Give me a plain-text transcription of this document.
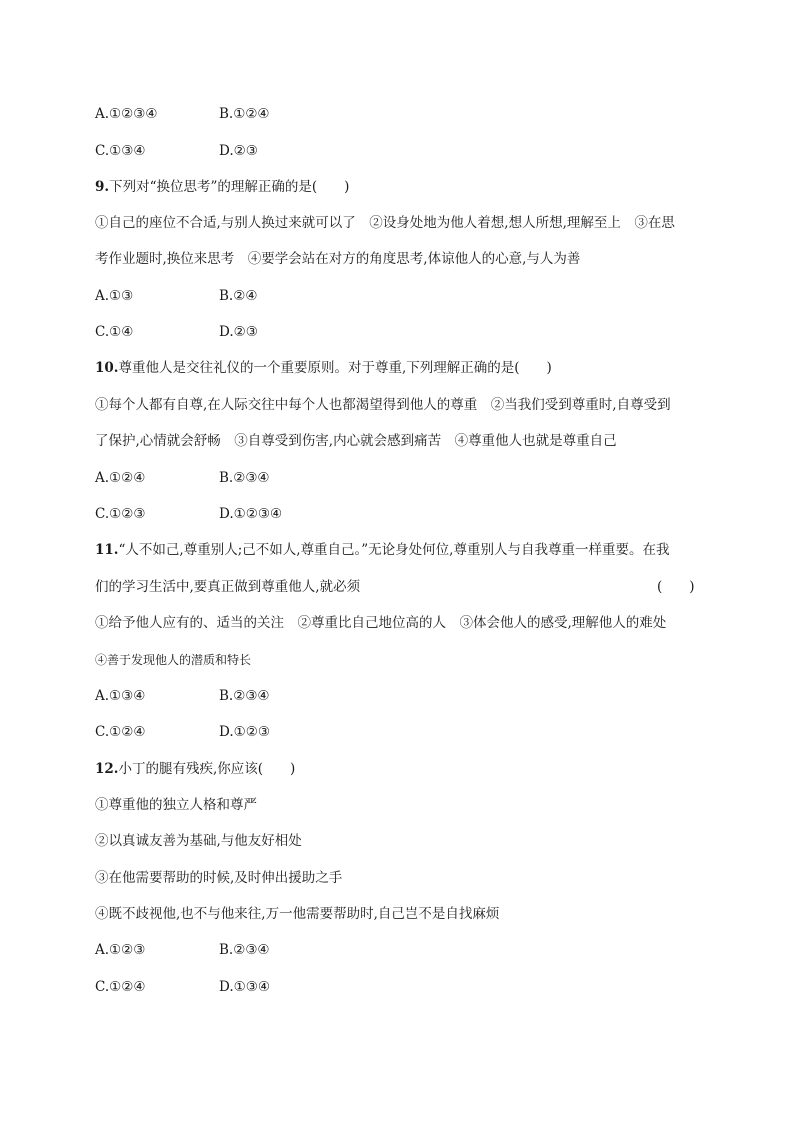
A.①②③④	B.①②④
C.①③④	D.②③
9.下列对“换位思考”的理解正确的是(　　)
①自己的座位不合适,与别人换过来就可以了　②设身处地为他人着想,想人所想,理解至上　③在思
考作业题时,换位来思考　④要学会站在对方的角度思考,体谅他人的心意,与人为善
A.①③	B.②④
C.①④	D.②③
10.尊重他人是交往礼仪的一个重要原则。对于尊重,下列理解正确的是(　　)
①每个人都有自尊,在人际交往中每个人也都渴望得到他人的尊重　②当我们受到尊重时,自尊受到
了保护,心情就会舒畅　③自尊受到伤害,内心就会感到痛苦　④尊重他人也就是尊重自己
A.①②④	B.②③④
C.①②③	D.①②③④
11.“人不如己,尊重别人;己不如人,尊重自己。”无论身处何位,尊重别人与自我尊重一样重要。在我
们的学习生活中,要真正做到尊重他人,就必须	(　　)
①给予他人应有的、适当的关注　②尊重比自己地位高的人　③体会他人的感受,理解他人的难处
④善于发现他人的潜质和特长
A.①③④	B.②③④
C.①②④	D.①②③
12.小丁的腿有残疾,你应该(　　)
①尊重他的独立人格和尊严
②以真诚友善为基础,与他友好相处
③在他需要帮助的时候,及时伸出援助之手
④既不歧视他,也不与他来往,万一他需要帮助时,自己岂不是自找麻烦
A.①②③	B.②③④
C.①②④	D.①③④
